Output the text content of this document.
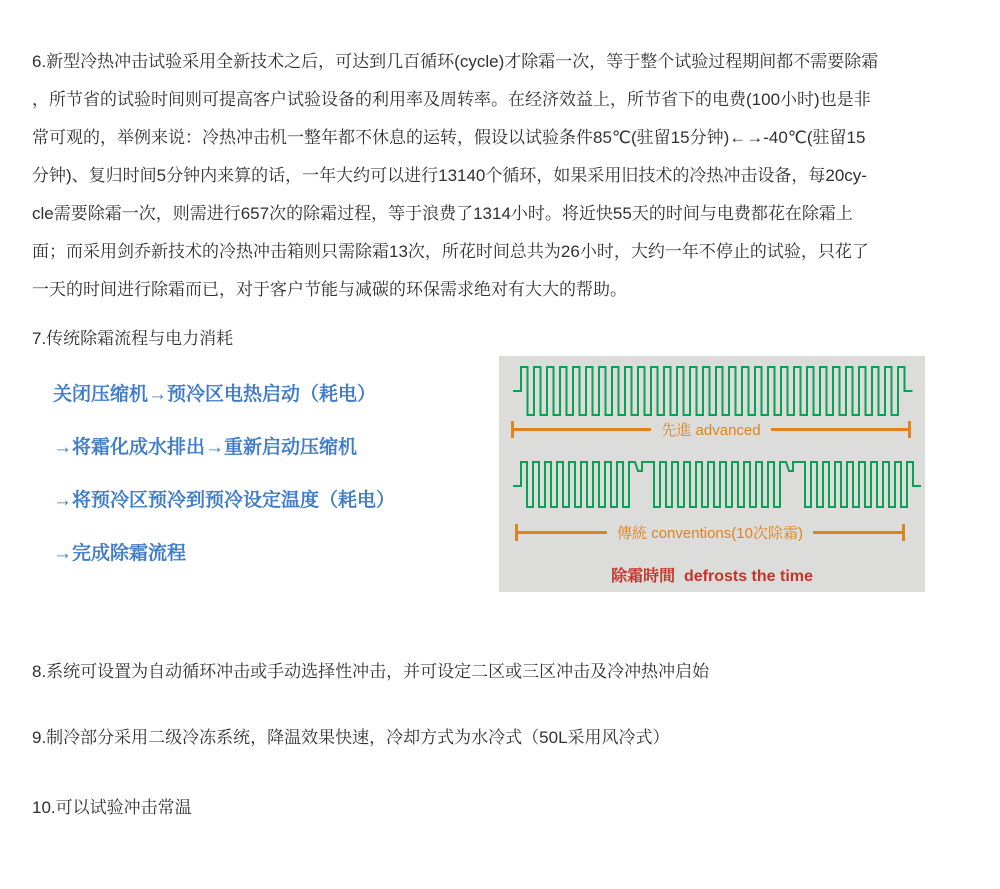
6.新型冷热冲击试验采用全新技术之后，可达到几百循环(cycle)才除霜一次，等于整个试验过程期间都不需要除霜
，所节省的试验时间则可提高客户试验设备的利用率及周转率。在经济效益上，所节省下的电费(100小时)也是非
常可观的，举例来说：冷热冲击机一整年都不休息的运转，假设以试验条件85℃(驻留15分钟)←→-40℃(驻留15
分钟)、复归时间5分钟内来算的话，一年大约可以进行13140个循环，如果采用旧技术的冷热冲击设备，每20cy-
cle需要除霜一次，则需进行657次的除霜过程，等于浪费了1314小时。将近快55天的时间与电费都花在除霜上
面；而采用剑乔新技术的冷热冲击箱则只需除霜13次，所花时间总共为26小时，大约一年不停止的试验，只花了
一天的时间进行除霜而已，对于客户节能与减碳的环保需求绝对有大大的帮助。
7.传统除霜流程与电力消耗
关闭压缩机→预冷区电热启动（耗电）
→将霜化成水排出→重新启动压缩机
→将预冷区预冷到预冷设定温度（耗电）
→完成除霜流程
8.系统可设置为自动循环冲击或手动选择性冲击，并可设定二区或三区冲击及冷冲热冲启始
9.制冷部分采用二级冷冻系统，降温效果快速，冷却方式为水冷式（50L采用风冷式）
10.可以试验冲击常温
先進 advanced
傳統 conventions(10次除霜)
除霜時間  defrosts the time
